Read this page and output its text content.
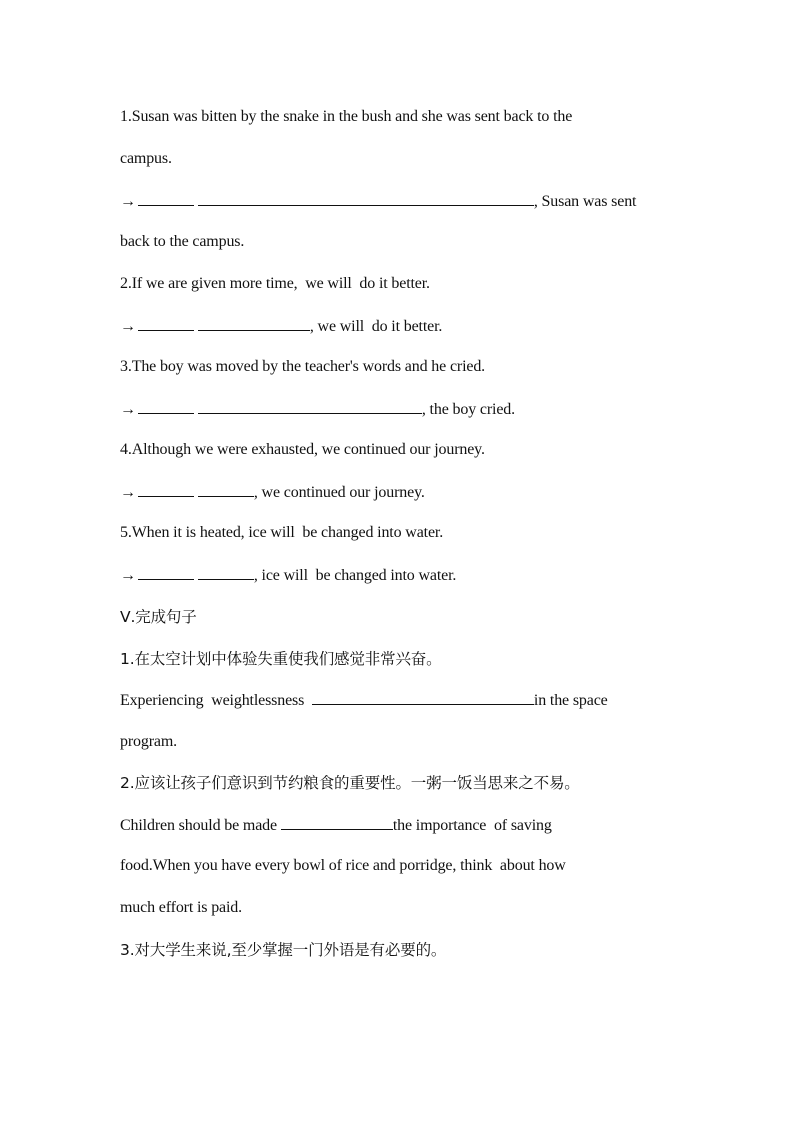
1.Susan was bitten by the snake in the bush and she was sent back to the
campus.
→	, Susan was sent
back to the campus.
2.If we are given more time,  we will  do it better.
→	, we will  do it better.
3.The boy was moved by the teacher's words and he cried.
→	, the boy cried.
4.Although we were exhausted, we continued our journey.
→	, we continued our journey.
5.When it is heated, ice will  be changed into water.
→	, ice will  be changed into water.
Ⅴ.完成句子
1.在太空计划中体验失重使我们感觉非常兴奋。
Experiencing  weightlessness	in the space
program.
2.应该让孩子们意识到节约粮食的重要性。一粥一饭当思来之不易。
Children should be made	the importance  of saving
food.When you have every bowl of rice and porridge, think  about how
much effort is paid.
3.对大学生来说,至少掌握一门外语是有必要的。
